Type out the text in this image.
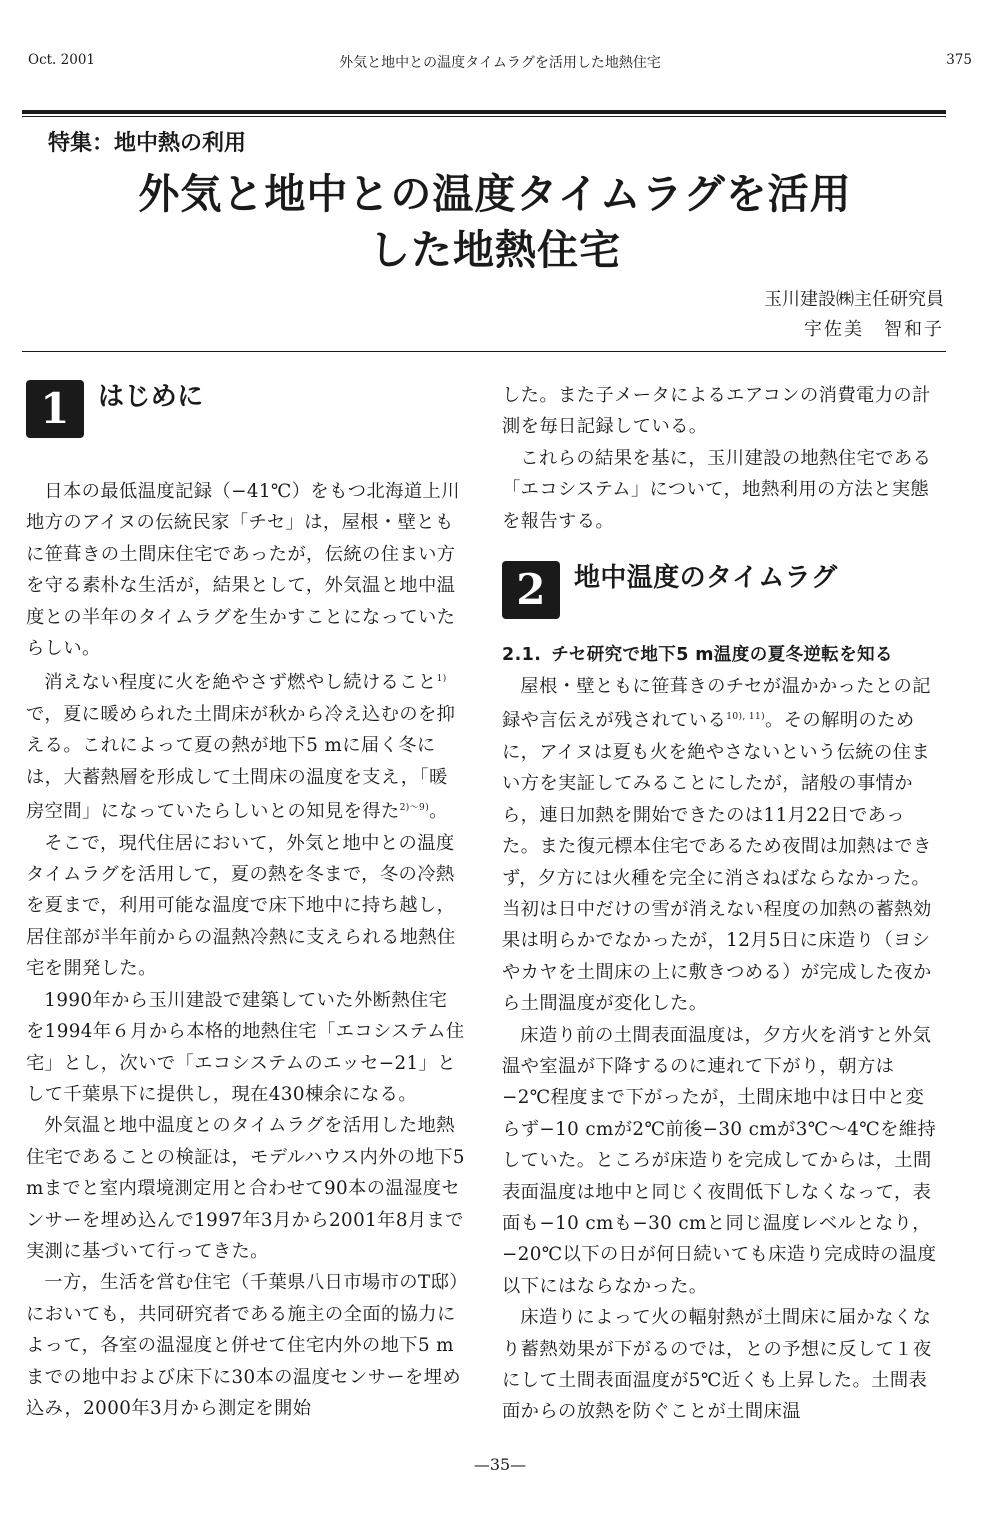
Oct. 2001	外気と地中との温度タイムラグを活用した地熱住宅	375
特集：地中熱の利用
外気と地中との温度タイムラグを活用
した地熱住宅
玉川建設㈱主任研究員
宇佐美　智和子
1	はじめに

日本の最低温度記録（−41℃）をもつ北海道上川地方のアイヌの伝統民家「チセ」は，屋根・壁ともに笹葺きの土間床住宅であったが，伝統の住まい方を守る素朴な生活が，結果として，外気温と地中温度との半年のタイムラグを生かすことになっていたらしい。

消えない程度に火を絶やさず燃やし続けること$^{1)}$で，夏に暖められた土間床が秋から冷え込むのを抑える。これによって夏の熱が地下5 mに届く冬には，大蓄熱層を形成して土間床の温度を支え，「暖房空間」になっていたらしいとの知見を得た$^{2)〜9)}$。

そこで，現代住居において，外気と地中との温度タイムラグを活用して，夏の熱を冬まで，冬の冷熱を夏まで，利用可能な温度で床下地中に持ち越し，居住部が半年前からの温熱冷熱に支えられる地熱住宅を開発した。

1990年から玉川建設で建築していた外断熱住宅を1994年６月から本格的地熱住宅「エコシステム住宅」とし，次いで「エコシステムのエッセ−21」として千葉県下に提供し，現在430棟余になる。

外気温と地中温度とのタイムラグを活用した地熱住宅であることの検証は，モデルハウス内外の地下5 mまでと室内環境測定用と合わせて90本の温湿度センサーを埋め込んで1997年3月から2001年8月まで実測に基づいて行ってきた。

一方，生活を営む住宅（千葉県八日市場市のT邸）においても，共同研究者である施主の全面的協力によって，各室の温湿度と併せて住宅内外の地下5 mまでの地中および床下に30本の温度センサーを埋め込み，2000年3月から測定を開始

した。また子メータによるエアコンの消費電力の計測を毎日記録している。

これらの結果を基に，玉川建設の地熱住宅である「エコシステム」について，地熱利用の方法と実態を報告する。

2	地中温度のタイムラグ
2.1. チセ研究で地下5 m温度の夏冬逆転を知る

屋根・壁ともに笹葺きのチセが温かかったとの記録や言伝えが残されている$^{10), 11)}$。その解明のために，アイヌは夏も火を絶やさないという伝統の住まい方を実証してみることにしたが，諸般の事情から，連日加熱を開始できたのは11月22日であった。また復元標本住宅であるため夜間は加熱はできず，夕方には火種を完全に消さねばならなかった。当初は日中だけの雪が消えない程度の加熱の蓄熱効果は明らかでなかったが，12月5日に床造り（ヨシやカヤを土間床の上に敷きつめる）が完成した夜から土間温度が変化した。

床造り前の土間表面温度は，夕方火を消すと外気温や室温が下降するのに連れて下がり，朝方は−2℃程度まで下がったが，土間床地中は日中と変らず−10 cmが2℃前後−30 cmが3℃〜4℃を維持していた。ところが床造りを完成してからは，土間表面温度は地中と同じく夜間低下しなくなって，表面も−10 cmも−30 cmと同じ温度レベルとなり，−20℃以下の日が何日続いても床造り完成時の温度以下にはならなかった。

床造りによって火の輻射熱が土間床に届かなくなり蓄熱効果が下がるのでは，との予想に反して１夜にして土間表面温度が5℃近くも上昇した。土間表面からの放熱を防ぐことが土間床温

—35—
